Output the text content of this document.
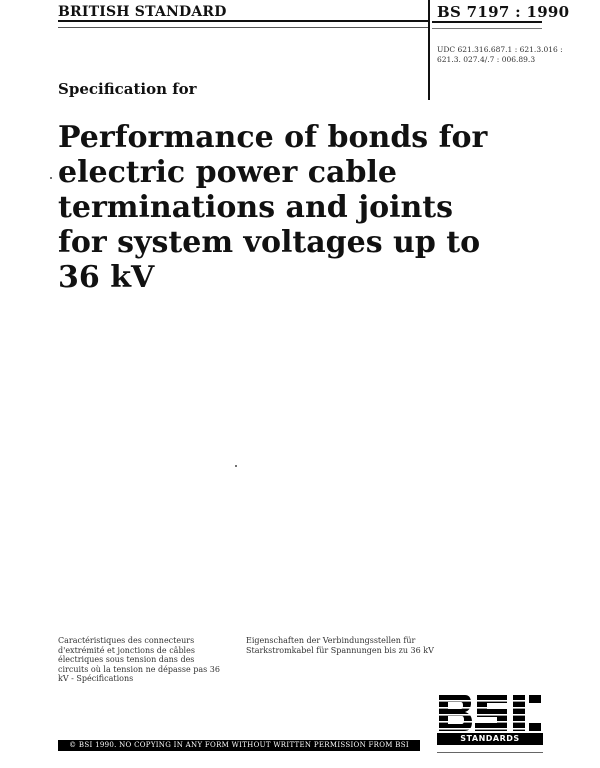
BRITISH STANDARD	BS 7197 : 1990
UDC 621.316.687.1 : 621.3.016 : 621.3. 027.4/.7 : 006.89.3
Specification for
Performance of bonds for
electric power cable
terminations and joints
for system voltages up to
36 kV
Caractéristiques des connecteurs d'extrémité et jonctions de câbles électriques sous tension dans des circuits où la tension ne dépasse pas 36 kV - Spécifications
Eigenschaften der Verbindungsstellen für Starkstromkabel für Spannungen bis zu 36 kV
© BSI 1990. NO COPYING IN ANY FORM WITHOUT WRITTEN PERMISSION FROM BSI
STANDARDS
